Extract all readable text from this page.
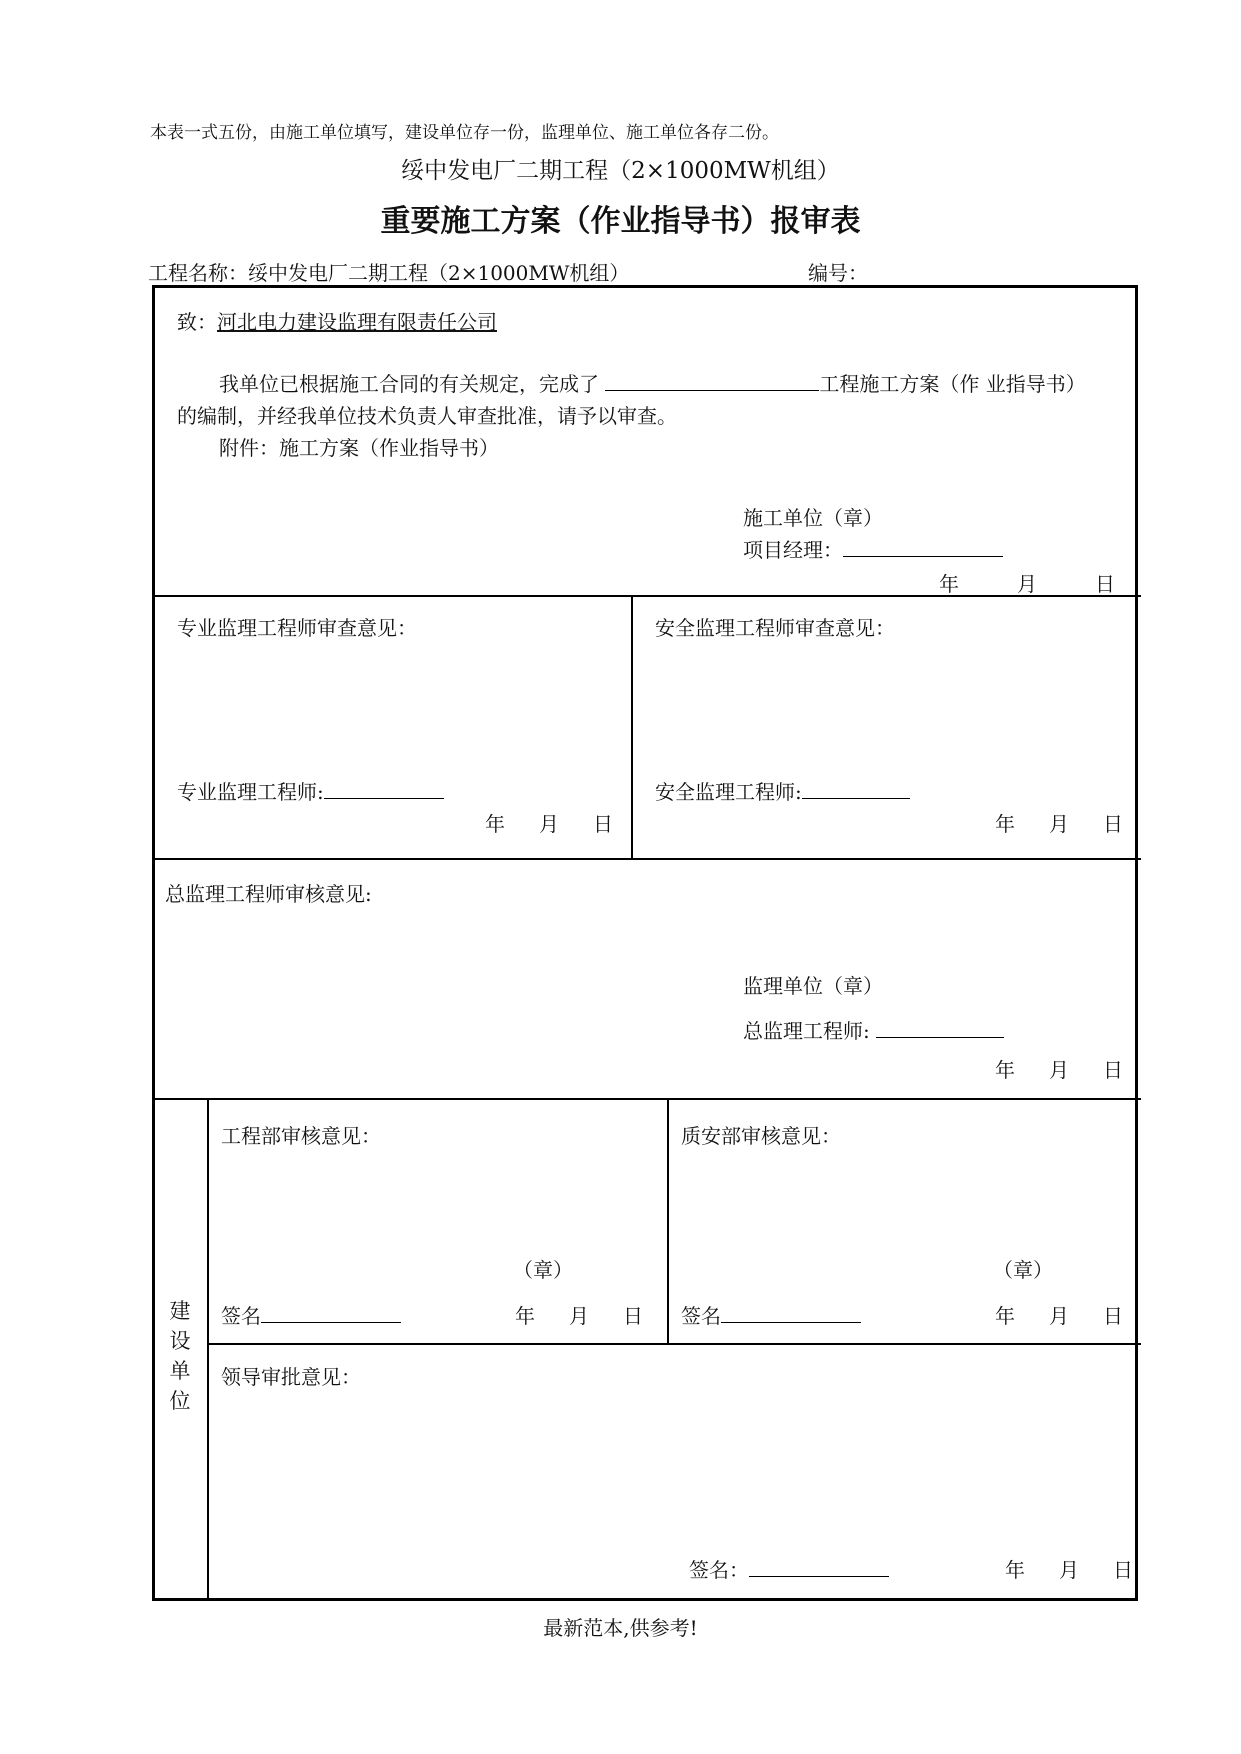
本表一式五份，由施工单位填写，建设单位存一份，监理单位、施工单位各存二份。
绥中发电厂二期工程（2×1000MW机组）
重要施工方案（作业指导书）报审表
工程名称：绥中发电厂二期工程（2×1000MW机组）	编号：
致：河北电力建设监理有限责任公司
我单位已根据施工合同的有关规定，完成了	工程施工方案（作 业指导书）
的编制，并经我单位技术负责人审查批准，请予以审查。
附件：施工方案（作业指导书）
施工单位（章）
项目经理：
年	月	日
专业监理工程师审查意见：
专业监理工程师:
年 月 日
安全监理工程师审查意见：
安全监理工程师:
年 月 日
总监理工程师审核意见:
监理单位（章）
总监理工程师:
年 月 日
建
设
单
位
工程部审核意见：
（章）
签名	年 月 日
质安部审核意见：
（章）
签名	年 月 日
领导审批意见：
签名：	年 月 日
最新范本,供参考!
